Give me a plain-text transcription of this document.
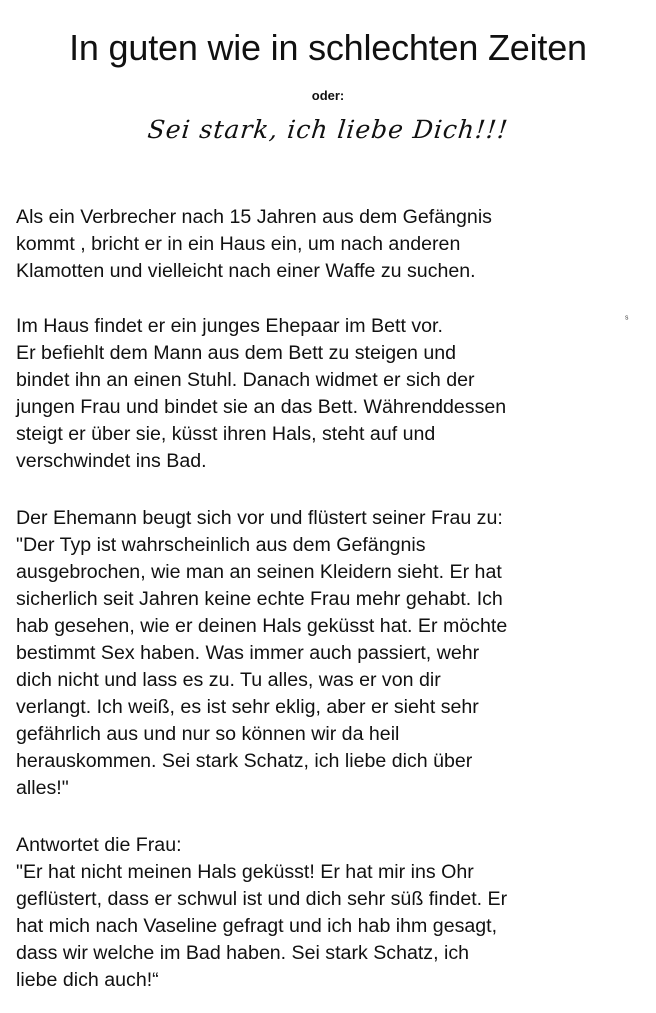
In guten wie in schlechten Zeiten
oder:
Sei stark, ich liebe Dich!!!

Als ein Verbrecher nach 15 Jahren aus dem Gefängnis
kommt , bricht er in ein Haus ein, um nach anderen
Klamotten und vielleicht nach einer Waffe zu suchen.

Im Haus findet er ein junges Ehepaar im Bett vor.
Er befiehlt dem Mann aus dem Bett zu steigen und
bindet ihn an einen Stuhl. Danach widmet er sich der
jungen Frau und bindet sie an das Bett. Währenddessen
steigt er über sie, küsst ihren Hals, steht auf und
verschwindet ins Bad.

Der Ehemann beugt sich vor und flüstert seiner Frau zu:
"Der Typ ist wahrscheinlich aus dem Gefängnis
ausgebrochen, wie man an seinen Kleidern sieht. Er hat
sicherlich seit Jahren keine echte Frau mehr gehabt. Ich
hab gesehen, wie er deinen Hals geküsst hat. Er möchte
bestimmt Sex haben. Was immer auch passiert, wehr
dich nicht und lass es zu. Tu alles, was er von dir
verlangt. Ich weiß, es ist sehr eklig, aber er sieht sehr
gefährlich aus und nur so können wir da heil
herauskommen. Sei stark Schatz, ich liebe dich über
alles!"

Antwortet die Frau:
"Er hat nicht meinen Hals geküsst! Er hat mir ins Ohr
geflüstert, dass er schwul ist und dich sehr süß findet. Er
hat mich nach Vaseline gefragt und ich hab ihm gesagt,
dass wir welche im Bad haben. Sei stark Schatz, ich
liebe dich auch!“

ˢ
